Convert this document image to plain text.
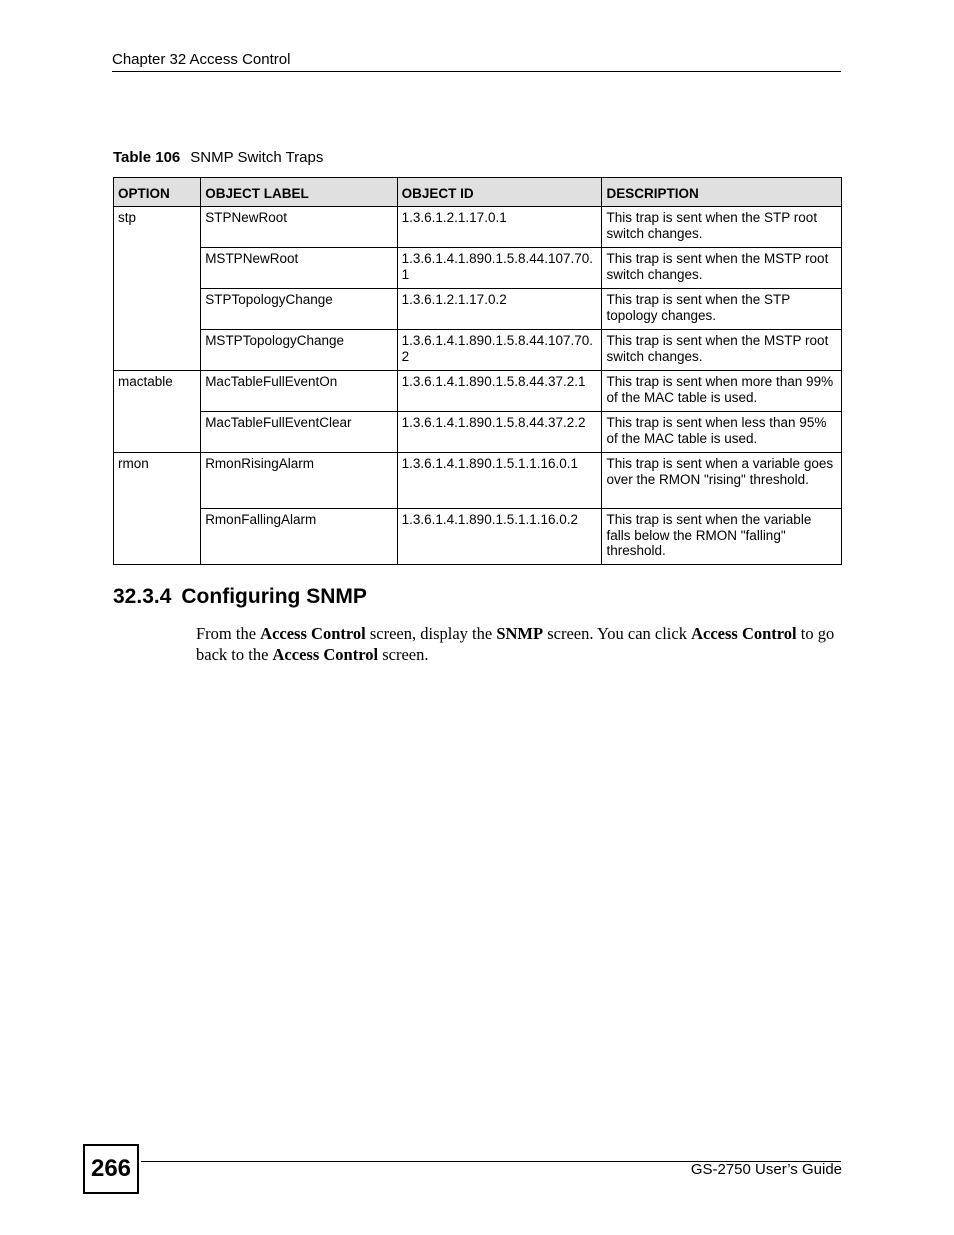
Chapter 32 Access Control
Table 106 SNMP Switch Traps
OPTION	OBJECT LABEL	OBJECT ID	DESCRIPTION
stp	STPNewRoot	1.3.6.1.2.1.17.0.1	This trap is sent when the STP root switch changes.
	MSTPNewRoot	1.3.6.1.4.1.890.1.5.8.44.107.70.1	This trap is sent when the MSTP root switch changes.
	STPTopologyChange	1.3.6.1.2.1.17.0.2	This trap is sent when the STP topology changes.
	MSTPTopologyChange	1.3.6.1.4.1.890.1.5.8.44.107.70.2	This trap is sent when the MSTP root switch changes.
mactable	MacTableFullEventOn	1.3.6.1.4.1.890.1.5.8.44.37.2.1	This trap is sent when more than 99% of the MAC table is used.
	MacTableFullEventClear	1.3.6.1.4.1.890.1.5.8.44.37.2.2	This trap is sent when less than 95% of the MAC table is used.
rmon	RmonRisingAlarm	1.3.6.1.4.1.890.1.5.1.1.16.0.1	This trap is sent when a variable goes over the RMON "rising" threshold.
	RmonFallingAlarm	1.3.6.1.4.1.890.1.5.1.1.16.0.2	This trap is sent when the variable falls below the RMON "falling" threshold.
32.3.4 Configuring SNMP

From the Access Control screen, display the SNMP screen. You can click Access Control to go back to the Access Control screen.

266	GS-2750 User’s Guide
